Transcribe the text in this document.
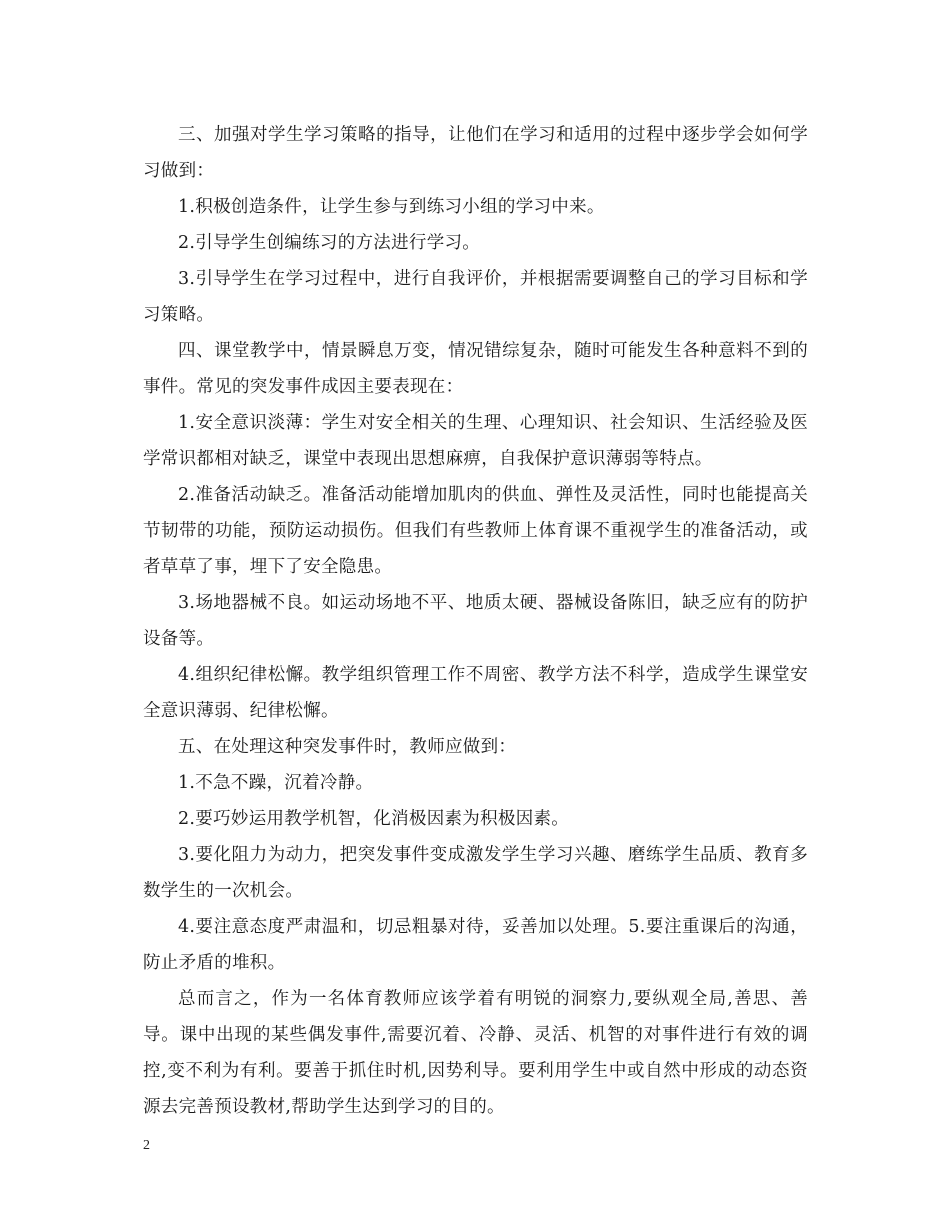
三、加强对学生学习策略的指导，让他们在学习和适用的过程中逐步学会如何学习做到：

1.积极创造条件，让学生参与到练习小组的学习中来。

2.引导学生创编练习的方法进行学习。

3.引导学生在学习过程中，进行自我评价，并根据需要调整自己的学习目标和学习策略。

四、课堂教学中，情景瞬息万变，情况错综复杂，随时可能发生各种意料不到的事件。常见的突发事件成因主要表现在：

1.安全意识淡薄：学生对安全相关的生理、心理知识、社会知识、生活经验及医学常识都相对缺乏，课堂中表现出思想麻痹，自我保护意识薄弱等特点。

2.准备活动缺乏。准备活动能增加肌肉的供血、弹性及灵活性，同时也能提高关节韧带的功能，预防运动损伤。但我们有些教师上体育课不重视学生的准备活动，或者草草了事，埋下了安全隐患。

3.场地器械不良。如运动场地不平、地质太硬、器械设备陈旧，缺乏应有的防护设备等。

4.组织纪律松懈。教学组织管理工作不周密、教学方法不科学，造成学生课堂安全意识薄弱、纪律松懈。

五、在处理这种突发事件时，教师应做到：

1.不急不躁，沉着冷静。

2.要巧妙运用教学机智，化消极因素为积极因素。

3.要化阻力为动力，把突发事件变成激发学生学习兴趣、磨练学生品质、教育多数学生的一次机会。

4.要注意态度严肃温和，切忌粗暴对待，妥善加以处理。5.要注重课后的沟通，防止矛盾的堆积。

总而言之，作为一名体育教师应该学着有明锐的洞察力,要纵观全局,善思、善导。课中出现的某些偶发事件,需要沉着、冷静、灵活、机智的对事件进行有效的调控,变不利为有利。要善于抓住时机,因势利导。要利用学生中或自然中形成的动态资源去完善预设教材,帮助学生达到学习的目的。

2
